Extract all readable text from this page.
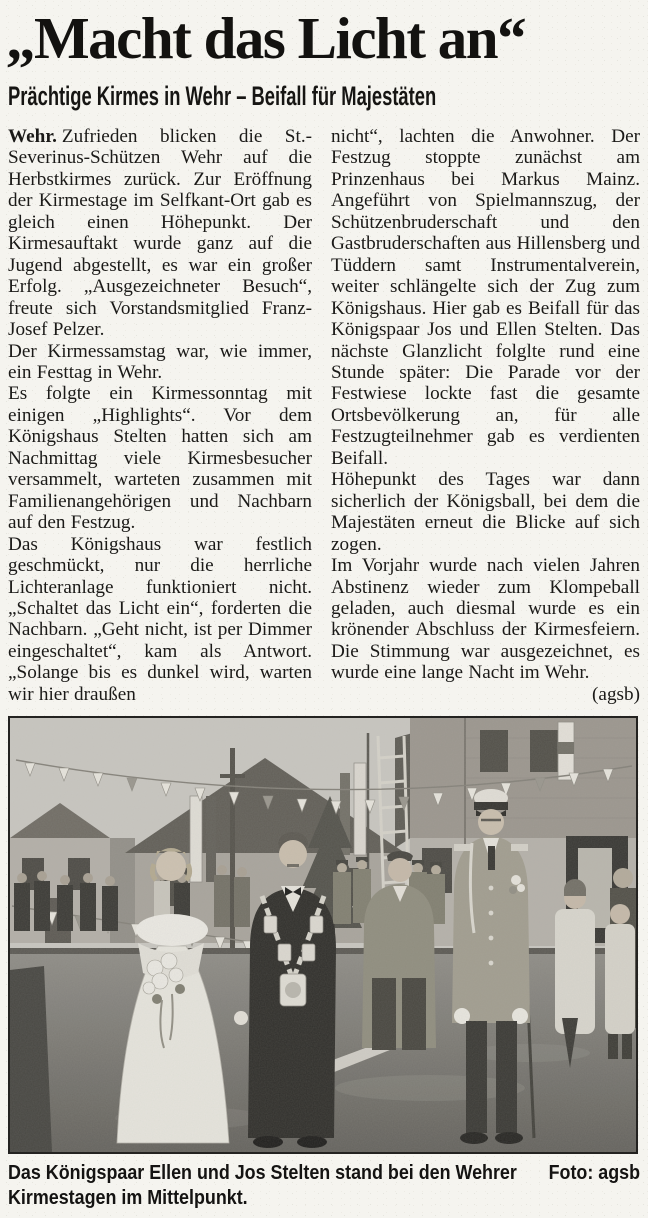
„Macht das Licht an“
Prächtige Kirmes in Wehr – Beifall für Majestäten

Wehr. Zufrieden blicken die St.-Severinus-Schützen Wehr auf die Herbstkirmes zurück. Zur Eröffnung der Kirmestage im Selfkant-Ort gab es gleich einen Höhepunkt. Der Kirmesauftakt wurde ganz auf die Jugend abgestellt, es war ein großer Erfolg. „Ausgezeichneter Besuch“, freute sich Vorstandsmitglied Franz-Josef Pelzer.

Der Kirmessamstag war, wie immer, ein Festtag in Wehr.

Es folgte ein Kirmessonntag mit einigen „Highlights“. Vor dem Königshaus Stelten hatten sich am Nachmittag viele Kirmesbesucher versammelt, warteten zusammen mit Familienangehörigen und Nachbarn auf den Festzug.

Das Königshaus war festlich geschmückt, nur die herrliche Lichteranlage funktioniert nicht. „Schaltet das Licht ein“, forderten die Nachbarn. „Geht nicht, ist per Dimmer eingeschaltet“, kam als Antwort. „Solange bis es dunkel wird, warten wir hier draußen

nicht“, lachten die Anwohner. Der Festzug stoppte zunächst am Prinzenhaus bei Markus Mainz. Angeführt von Spielmannszug, der Schützenbruderschaft und den Gastbruderschaften aus Hillensberg und Tüddern samt Instrumentalverein, weiter schlängelte sich der Zug zum Königshaus. Hier gab es Beifall für das Königspaar Jos und Ellen Stelten. Das nächste Glanzlicht folglte rund eine Stunde später: Die Parade vor der Festwiese lockte fast die gesamte Ortsbevölkerung an, für alle Festzugteilnehmer gab es verdienten Beifall.

Höhepunkt des Tages war dann sicherlich der Königsball, bei dem die Majestäten erneut die Blicke auf sich zogen.

Im Vorjahr wurde nach vielen Jahren Abstinenz wieder zum Klompeball geladen, auch diesmal wurde es ein krönender Abschluss der Kirmesfeiern. Die Stimmung war ausgezeichnet, es wurde eine lange Nacht im Wehr.
(agsb)

Foto: agsb
Das Königspaar Ellen und Jos Stelten stand bei den Wehrer Kirmestagen im Mittelpunkt.
